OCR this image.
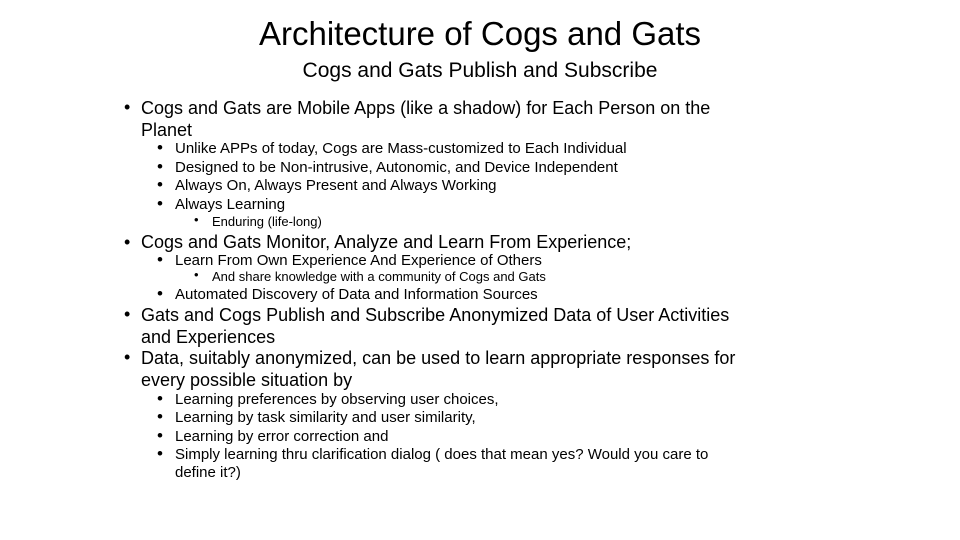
Architecture of Cogs and Gats
Cogs and Gats Publish and Subscribe
• Cogs and Gats are Mobile Apps (like a shadow) for Each Person on the
Planet
• Unlike APPs of today, Cogs are Mass-customized to Each Individual
• Designed to be Non-intrusive, Autonomic, and Device Independent
• Always On, Always Present and Always Working
• Always Learning
• Enduring (life-long)
• Cogs and Gats Monitor, Analyze and Learn From Experience;
• Learn From Own Experience And Experience of Others
• And share knowledge with a community of Cogs and Gats
• Automated Discovery of Data and Information Sources
• Gats and Cogs Publish and Subscribe Anonymized Data of User Activities
and Experiences
• Data, suitably anonymized, can be used to learn appropriate responses for
every possible situation by
• Learning preferences by observing user choices,
• Learning by task similarity and user similarity,
• Learning by error correction and
• Simply learning thru clarification dialog ( does that mean yes? Would you care to
define it?)
